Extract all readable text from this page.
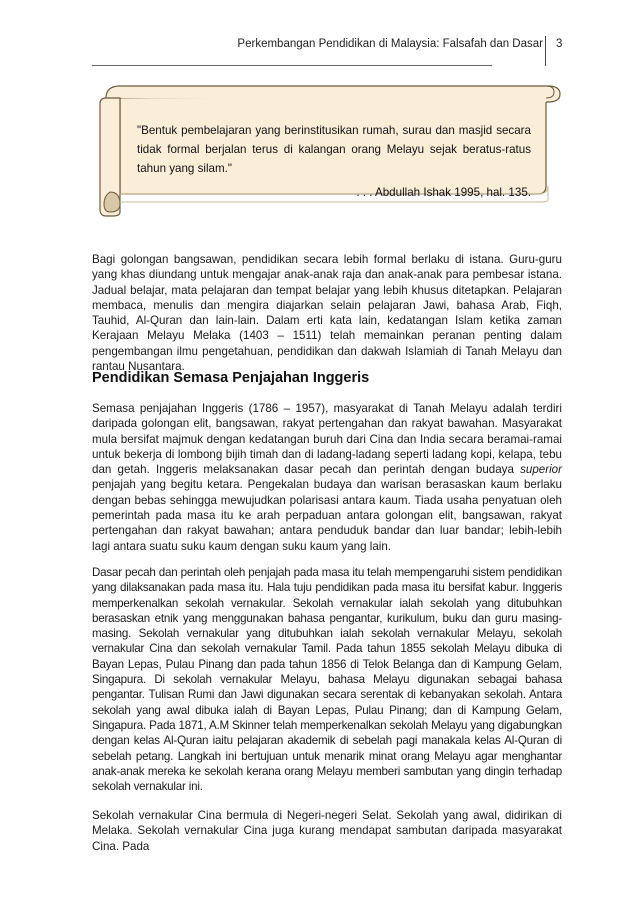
Perkembangan Pendidikan di Malaysia: Falsafah dan Dasar 3

"Bentuk pembelajaran yang berinstitusikan rumah, surau dan masjid secara tidak formal berjalan terus di kalangan orang Melayu sejak beratus-ratus tahun yang silam."

. . . Abdullah Ishak 1995, hal. 135.

Bagi golongan bangsawan, pendidikan secara lebih formal berlaku di istana. Guru-guru yang khas diundang untuk mengajar anak-anak raja dan anak-anak para pembesar istana. Jadual belajar, mata pelajaran dan tempat belajar yang lebih khusus ditetapkan. Pelajaran membaca, menulis dan mengira diajarkan selain pelajaran Jawi, bahasa Arab, Fiqh, Tauhid, Al-Quran dan lain-lain. Dalam erti kata lain, kedatangan Islam ketika zaman Kerajaan Melayu Melaka (1403 – 1511) telah memainkan peranan penting dalam pengembangan ilmu pengetahuan, pendidikan dan dakwah Islamiah di Tanah Melayu dan rantau Nusantara.

Pendidikan Semasa Penjajahan Inggeris

Semasa penjajahan Inggeris (1786 – 1957), masyarakat di Tanah Melayu adalah terdiri daripada golongan elit, bangsawan, rakyat pertengahan dan rakyat bawahan. Masyarakat mula bersifat majmuk dengan kedatangan buruh dari Cina dan India secara beramai-ramai untuk bekerja di lombong bijih timah dan di ladang-ladang seperti ladang kopi, kelapa, tebu dan getah. Inggeris melaksanakan dasar pecah dan perintah dengan budaya superior penjajah yang begitu ketara. Pengekalan budaya dan warisan berasaskan kaum berlaku dengan bebas sehingga mewujudkan polarisasi antara kaum. Tiada usaha penyatuan oleh pemerintah pada masa itu ke arah perpaduan antara golongan elit, bangsawan, rakyat pertengahan dan rakyat bawahan; antara penduduk bandar dan luar bandar; lebih-lebih lagi antara suatu suku kaum dengan suku kaum yang lain.

Dasar pecah dan perintah oleh penjajah pada masa itu telah mempengaruhi sistem pendidikan yang dilaksanakan pada masa itu. Hala tuju pendidikan pada masa itu bersifat kabur. Inggeris memperkenalkan sekolah vernakular. Sekolah vernakular ialah sekolah yang ditubuhkan berasaskan etnik yang menggunakan bahasa pengantar, kurikulum, buku dan guru masing-masing. Sekolah vernakular yang ditubuhkan ialah sekolah vernakular Melayu, sekolah vernakular Cina dan sekolah vernakular Tamil. Pada tahun 1855 sekolah Melayu dibuka di Bayan Lepas, Pulau Pinang dan pada tahun 1856 di Telok Belanga dan di Kampung Gelam, Singapura. Di sekolah vernakular Melayu, bahasa Melayu digunakan sebagai bahasa pengantar. Tulisan Rumi dan Jawi digunakan secara serentak di kebanyakan sekolah. Antara sekolah yang awal dibuka ialah di Bayan Lepas, Pulau Pinang; dan di Kampung Gelam, Singapura. Pada 1871, A.M Skinner telah memperkenalkan sekolah Melayu yang digabungkan dengan kelas Al-Quran iaitu pelajaran akademik di sebelah pagi manakala kelas Al-Quran di sebelah petang. Langkah ini bertujuan untuk menarik minat orang Melayu agar menghantar anak-anak mereka ke sekolah kerana orang Melayu memberi sambutan yang dingin terhadap sekolah vernakular ini.

Sekolah vernakular Cina bermula di Negeri-negeri Selat. Sekolah yang awal, didirikan di Melaka. Sekolah vernakular Cina juga kurang mendapat sambutan daripada masyarakat Cina. Pada
